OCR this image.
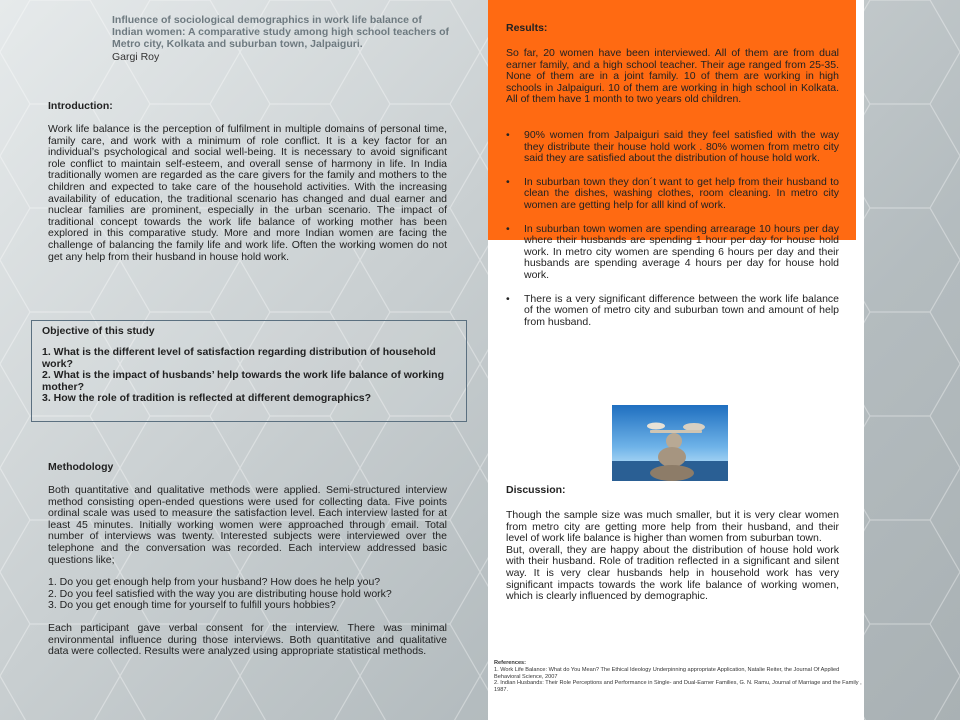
Influence of sociological demographics in work life balance of Indian women: A comparative study among high school teachers of Metro city, Kolkata and suburban town, Jalpaiguri.
Gargi Roy

Introduction:

Work life balance is the perception of fulfilment in multiple domains of personal time, family care, and work with a minimum of role conflict. It is a key factor for an individual’s psychological and social well-being. It is necessary to avoid significant role conflict to maintain self-esteem, and overall sense of harmony in life. In India traditionally women are regarded as the care givers for the family and mothers to the children and expected to take care of the household activities. With the increasing availability of education, the traditional scenario has changed and dual earner and nuclear families are prominent, especially in the urban scenario. The impact of traditional concept towards the work life balance of working mother has been explored in this comparative study. More and more Indian women are facing the challenge of balancing the family life and work life. Often the working women do not get any help from their husband in house hold work.

Objective of this study

1. What is the different level of satisfaction regarding distribution of household work?

2. What is the impact of husbands’ help towards the work life balance of working mother?

3. How the role of tradition is reflected at different demographics?

Methodology

Both quantitative and qualitative methods were applied. Semi-structured interview method consisting open-ended questions were used for collecting data. Five points ordinal scale was used to measure the satisfaction level. Each interview lasted for at least 45 minutes. Initially working women were approached through email. Total number of interviews was twenty. Interested subjects were interviewed over the telephone and the conversation was recorded. Each interview addressed basic questions like;

1. Do you get enough help from your husband? How does he help you?

2. Do you feel satisfied with the way you are distributing house hold work?

3. Do you get enough time for yourself to fulfill yours hobbies?

Each participant gave verbal consent for the interview. There was minimal environmental influence during those interviews. Both quantitative and qualitative data were collected. Results were analyzed using appropriate statistical methods.

Results:

So far, 20 women have been interviewed. All of them are from dual earner family, and a high school teacher. Their age ranged from 25-35. None of them are in a joint family. 10 of them are working in high schools in Jalpaiguri. 10 of them are working in high school in Kolkata. All of them have 1 month to two years old children.

• 90% women from Jalpaiguri said they feel satisfied with the way they distribute their house hold work . 80% women from metro city said they are satisfied about the distribution of house hold work.
• In suburban town they don´t want to get help from their husband to clean the dishes, washing clothes, room cleaning. In metro city women are getting help for alll kind of work.
• In suburban town women are spending arrearage 10 hours per day where their husbands are spending 1 hour per day for house hold work. In metro city women are spending 6 hours per day and their husbands are spending average 4 hours per day for house hold work.
• There is a very significant difference between the work life balance of the women of metro city and suburban town and amount of help from husband.

Discussion:

Though the sample size was much smaller, but it is very clear women from metro city are getting more help from their husband, and their level of work life balance is higher than women from suburban town.

But, overall, they are happy about the distribution of house hold work with their husband. Role of tradition reflected in a significant and silent way. It is very clear husbands help in household work has very significant impacts towards the work life balance of working women, which is clearly influenced by demographic.

References:
1. Work Life Balance: What do You Mean? The Ethical Ideology Underpinning appropriate Application, Natalie Reiter, the Journal Of Applied Behavioral Science, 2007
2. Indian Husbands: Their Role Perceptions and Performance in Single- and Dual-Earner Families, G. N. Ramu, Journal of Marriage and the Family , 1987.
